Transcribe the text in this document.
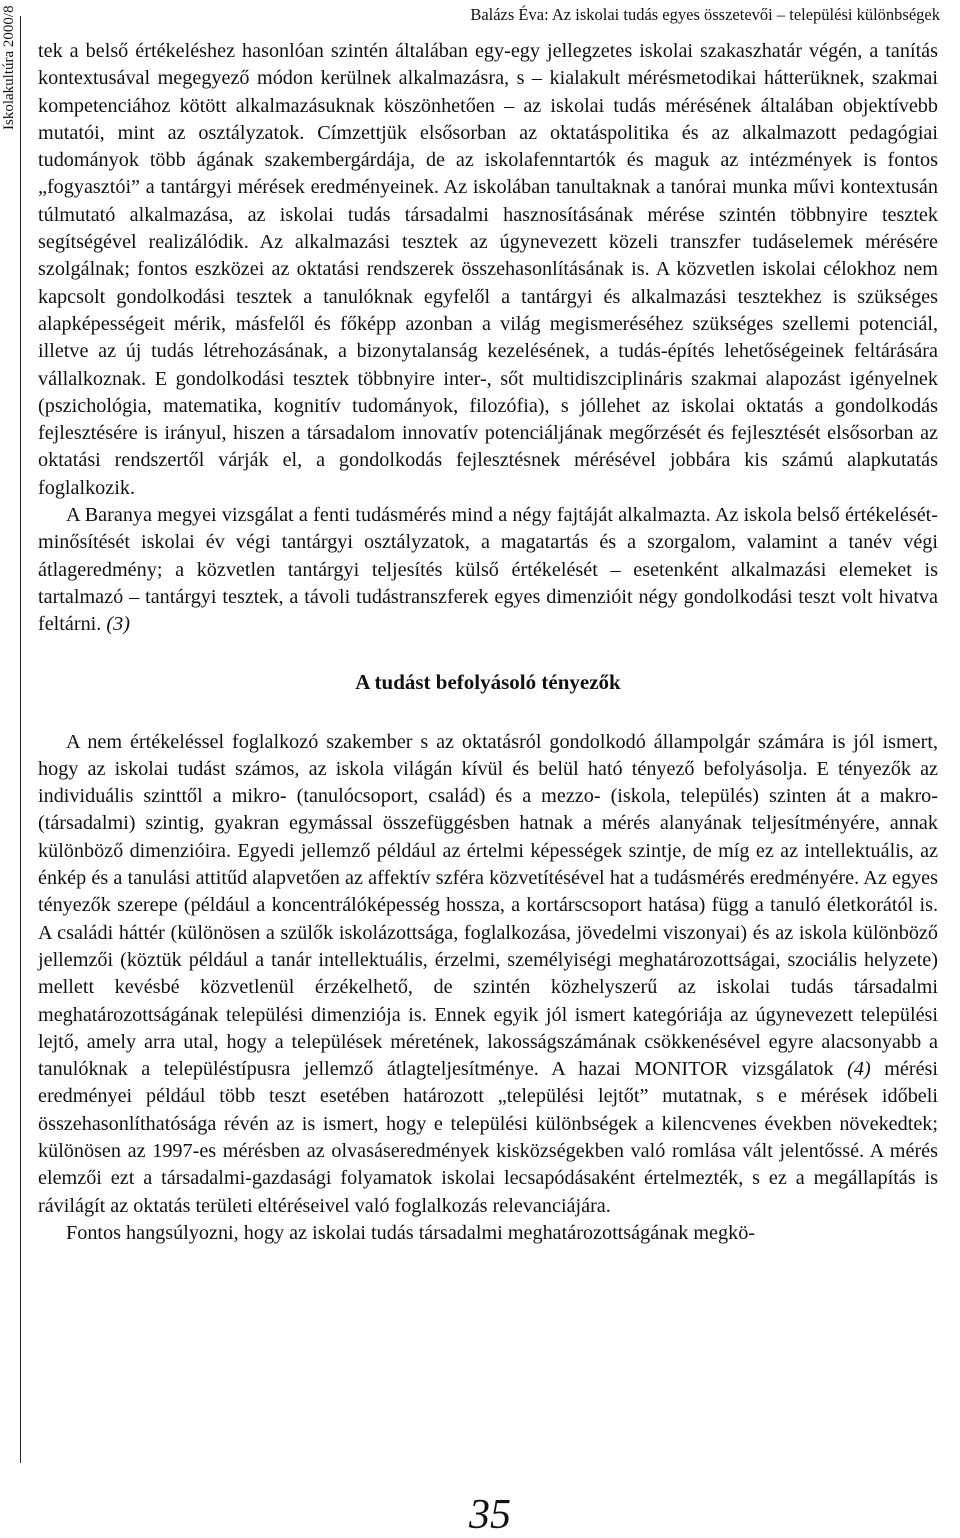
Iskolakultúra 2000/8	Balázs Éva: Az iskolai tudás egyes összetevői – települési különbségek

tek a belső értékeléshez hasonlóan szintén általában egy-egy jellegzetes iskolai szakaszhatár végén, a tanítás kontextusával megegyező módon kerülnek alkalmazásra, s – kialakult mérésmetodikai hátterüknek, szakmai kompetenciához kötött alkalmazásuknak köszönhetően – az iskolai tudás mérésének általában objektívebb mutatói, mint az osztályzatok. Címzettjük elsősorban az oktatáspolitika és az alkalmazott pedagógiai tudományok több ágának szakembergárdája, de az iskolafenntartók és maguk az intézmények is fontos „fogyasztói” a tantárgyi mérések eredményeinek. Az iskolában tanultaknak a tanórai munka művi kontextusán túlmutató alkalmazása, az iskolai tudás társadalmi hasznosításának mérése szintén többnyire tesztek segítségével realizálódik. Az alkalmazási tesztek az úgynevezett közeli transzfer tudáselemek mérésére szolgálnak; fontos eszközei az oktatási rendszerek összehasonlításának is. A közvetlen iskolai célokhoz nem kapcsolt gondolkodási tesztek a tanulóknak egyfelől a tantárgyi és alkalmazási tesztekhez is szükséges alapképességeit mérik, másfelől és főképp azonban a világ megismeréséhez szükséges szellemi potenciál, illetve az új tudás létrehozásának, a bizonytalanság kezelésének, a tudás-építés lehetőségeinek feltárására vállalkoznak. E gondolkodási tesztek többnyire inter-, sőt multidiszciplináris szakmai alapozást igényelnek (pszichológia, matematika, kognitív tudományok, filozófia), s jóllehet az iskolai oktatás a gondolkodás fejlesztésére is irányul, hiszen a társadalom innovatív potenciáljának megőrzését és fejlesztését elsősorban az oktatási rendszertől várják el, a gondolkodás fejlesztésnek mérésével jobbára kis számú alapkutatás foglalkozik.

A Baranya megyei vizsgálat a fenti tudásmérés mind a négy fajtáját alkalmazta. Az iskola belső értékelését-minősítését iskolai év végi tantárgyi osztályzatok, a magatartás és a szorgalom, valamint a tanév végi átlageredmény; a közvetlen tantárgyi teljesítés külső értékelését – esetenként alkalmazási elemeket is tartalmazó – tantárgyi tesztek, a távoli tudástranszferek egyes dimenzióit négy gondolkodási teszt volt hivatva feltárni. (3)

A tudást befolyásoló tényezők

A nem értékeléssel foglalkozó szakember s az oktatásról gondolkodó állampolgár számára is jól ismert, hogy az iskolai tudást számos, az iskola világán kívül és belül ható tényező befolyásolja. E tényezők az individuális szinttől a mikro- (tanulócsoport, család) és a mezzo- (iskola, település) szinten át a makro- (társadalmi) szintig, gyakran egymással összefüggésben hatnak a mérés alanyának teljesítményére, annak különböző dimenzióira. Egyedi jellemző például az értelmi képességek szintje, de míg ez az intellektuális, az énkép és a tanulási attitűd alapvetően az affektív szféra közvetítésével hat a tudásmérés eredményére. Az egyes tényezők szerepe (például a koncentrálóképesség hossza, a kortárscsoport hatása) függ a tanuló életkorától is. A családi háttér (különösen a szülők iskolázottsága, foglalkozása, jövedelmi viszonyai) és az iskola különböző jellemzői (köztük például a tanár intellektuális, érzelmi, személyiségi meghatározottságai, szociális helyzete) mellett kevésbé közvetlenül érzékelhető, de szintén közhelyszerű az iskolai tudás társadalmi meghatározottságának települési dimenziója is. Ennek egyik jól ismert kategóriája az úgynevezett települési lejtő, amely arra utal, hogy a települések méretének, lakosságszámának csökkenésével egyre alacsonyabb a tanulóknak a településtípusra jellemző átlagteljesítménye. A hazai MONITOR vizsgálatok (4) mérési eredményei például több teszt esetében határozott „települési lejtőt” mutatnak, s e mérések időbeli összehasonlíthatósága révén az is ismert, hogy e települési különbségek a kilencvenes években növekedtek; különösen az 1997-es mérésben az olvasáseredmények kisközségekben való romlása vált jelentőssé. A mérés elemzői ezt a társadalmi-gazdasági folyamatok iskolai lecsapódásaként értelmezték, s ez a megállapítás is rávilágít az oktatás területi eltéréseivel való foglalkozás relevanciájára.

Fontos hangsúlyozni, hogy az iskolai tudás társadalmi meghatározottságának megkö-

35
